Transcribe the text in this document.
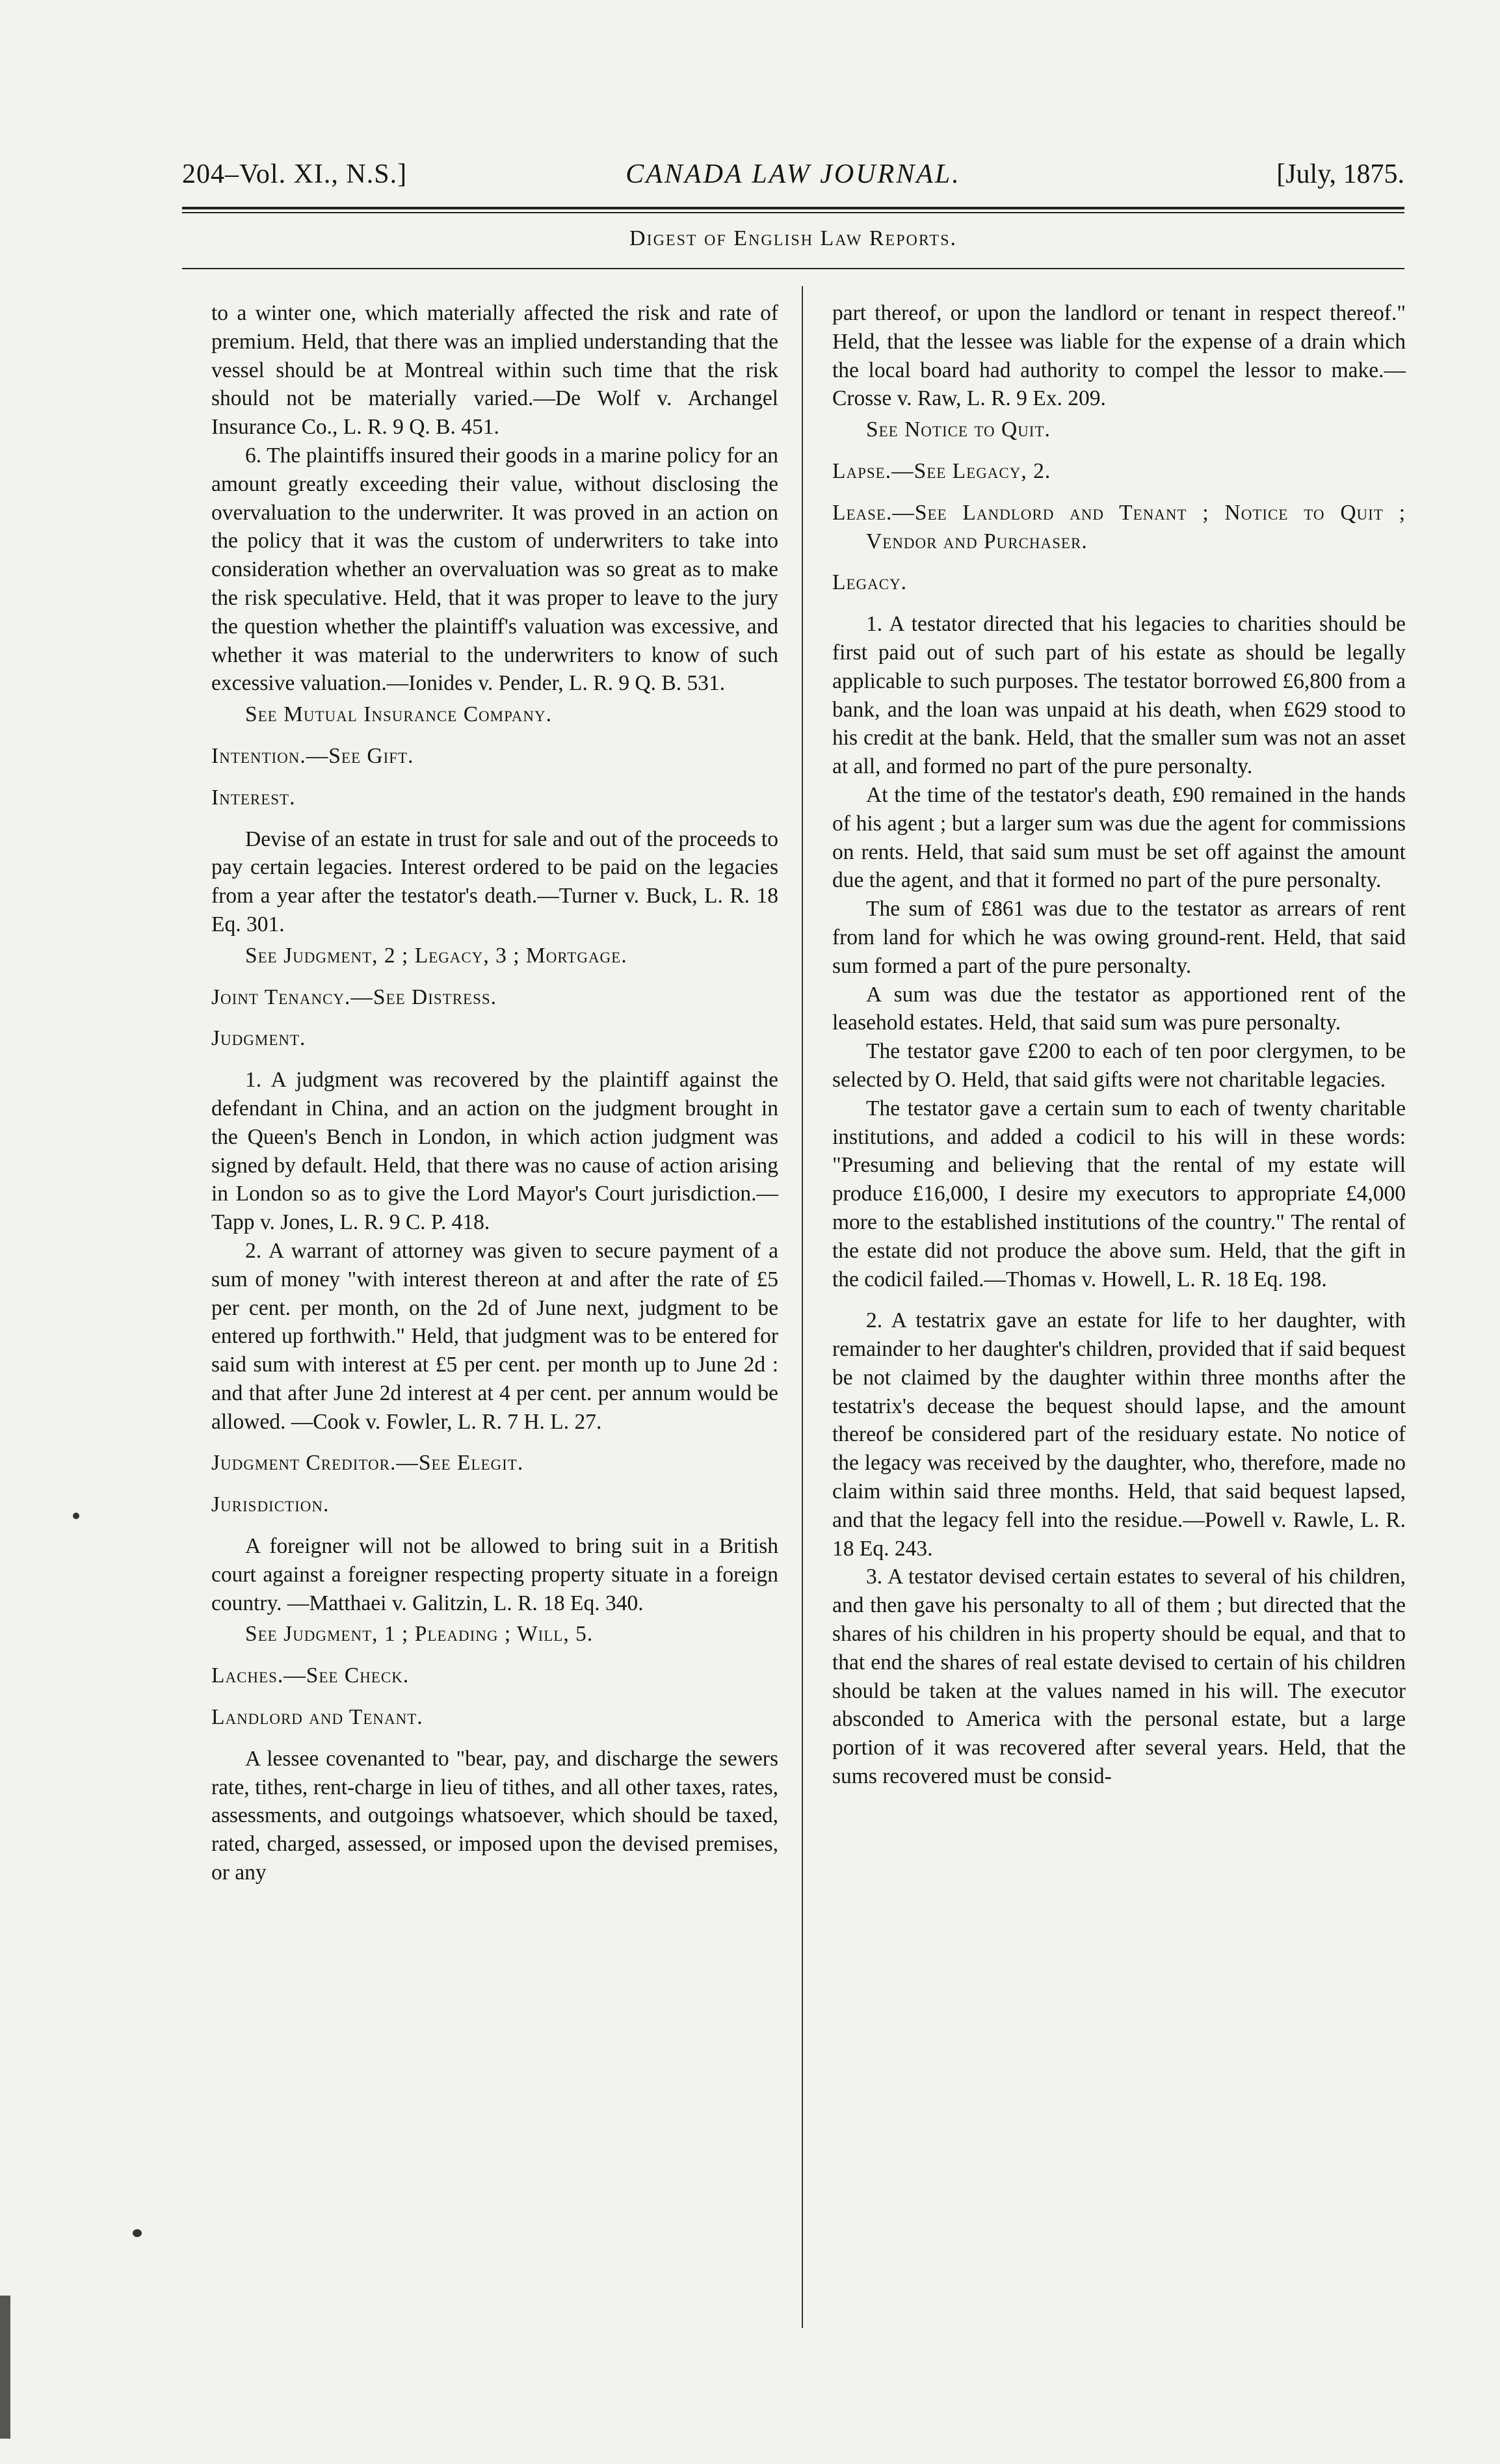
204–Vol. XI., N.S.]	CANADA LAW JOURNAL.	[July, 1875.
Digest of English Law Reports.

to a winter one, which materially affected the risk and rate of premium. Held, that there was an implied understanding that the vessel should be at Montreal within such time that the risk should not be materially varied.—De Wolf v. Archangel Insurance Co., L. R. 9 Q. B. 451.

6. The plaintiffs insured their goods in a marine policy for an amount greatly exceeding their value, without disclosing the overvaluation to the underwriter. It was proved in an action on the policy that it was the custom of underwriters to take into consideration whether an overvaluation was so great as to make the risk speculative. Held, that it was proper to leave to the jury the question whether the plaintiff's valuation was excessive, and whether it was material to the underwriters to know of such excessive valuation.—Ionides v. Pender, L. R. 9 Q. B. 531.

See Mutual Insurance Company.

Intention.—See Gift.

Interest.

Devise of an estate in trust for sale and out of the proceeds to pay certain legacies. Interest ordered to be paid on the legacies from a year after the testator's death.—Turner v. Buck, L. R. 18 Eq. 301.

See Judgment, 2 ; Legacy, 3 ; Mortgage.

Joint Tenancy.—See Distress.

Judgment.

1. A judgment was recovered by the plaintiff against the defendant in China, and an action on the judgment brought in the Queen's Bench in London, in which action judgment was signed by default. Held, that there was no cause of action arising in London so as to give the Lord Mayor's Court jurisdiction.— Tapp v. Jones, L. R. 9 C. P. 418.

2. A warrant of attorney was given to secure payment of a sum of money "with interest thereon at and after the rate of £5 per cent. per month, on the 2d of June next, judgment to be entered up forthwith." Held, that judgment was to be entered for said sum with interest at £5 per cent. per month up to June 2d : and that after June 2d interest at 4 per cent. per annum would be allowed. —Cook v. Fowler, L. R. 7 H. L. 27.

Judgment Creditor.—See Elegit.

Jurisdiction.

A foreigner will not be allowed to bring suit in a British court against a foreigner respecting property situate in a foreign country. —Matthaei v. Galitzin, L. R. 18 Eq. 340.

See Judgment, 1 ; Pleading ; Will, 5.

Laches.—See Check.

Landlord and Tenant.

A lessee covenanted to "bear, pay, and discharge the sewers rate, tithes, rent-charge in lieu of tithes, and all other taxes, rates, assessments, and outgoings whatsoever, which should be taxed, rated, charged, assessed, or imposed upon the devised premises, or any

part thereof, or upon the landlord or tenant in respect thereof." Held, that the lessee was liable for the expense of a drain which the local board had authority to compel the lessor to make.—Crosse v. Raw, L. R. 9 Ex. 209.

See Notice to Quit.

Lapse.—See Legacy, 2.

Lease.—See Landlord and Tenant ; Notice to Quit ; Vendor and Purchaser.

Legacy.

1. A testator directed that his legacies to charities should be first paid out of such part of his estate as should be legally applicable to such purposes. The testator borrowed £6,800 from a bank, and the loan was unpaid at his death, when £629 stood to his credit at the bank. Held, that the smaller sum was not an asset at all, and formed no part of the pure personalty.

At the time of the testator's death, £90 remained in the hands of his agent ; but a larger sum was due the agent for commissions on rents. Held, that said sum must be set off against the amount due the agent, and that it formed no part of the pure personalty.

The sum of £861 was due to the testator as arrears of rent from land for which he was owing ground-rent. Held, that said sum formed a part of the pure personalty.

A sum was due the testator as apportioned rent of the leasehold estates. Held, that said sum was pure personalty.

The testator gave £200 to each of ten poor clergymen, to be selected by O. Held, that said gifts were not charitable legacies.

The testator gave a certain sum to each of twenty charitable institutions, and added a codicil to his will in these words: "Presuming and believing that the rental of my estate will produce £16,000, I desire my executors to appropriate £4,000 more to the established institutions of the country." The rental of the estate did not produce the above sum. Held, that the gift in the codicil failed.—Thomas v. Howell, L. R. 18 Eq. 198.

2. A testatrix gave an estate for life to her daughter, with remainder to her daughter's children, provided that if said bequest be not claimed by the daughter within three months after the testatrix's decease the bequest should lapse, and the amount thereof be considered part of the residuary estate. No notice of the legacy was received by the daughter, who, therefore, made no claim within said three months. Held, that said bequest lapsed, and that the legacy fell into the residue.—Powell v. Rawle, L. R. 18 Eq. 243.

3. A testator devised certain estates to several of his children, and then gave his personalty to all of them ; but directed that the shares of his children in his property should be equal, and that to that end the shares of real estate devised to certain of his children should be taken at the values named in his will. The executor absconded to America with the personal estate, but a large portion of it was recovered after several years. Held, that the sums recovered must be consid-
